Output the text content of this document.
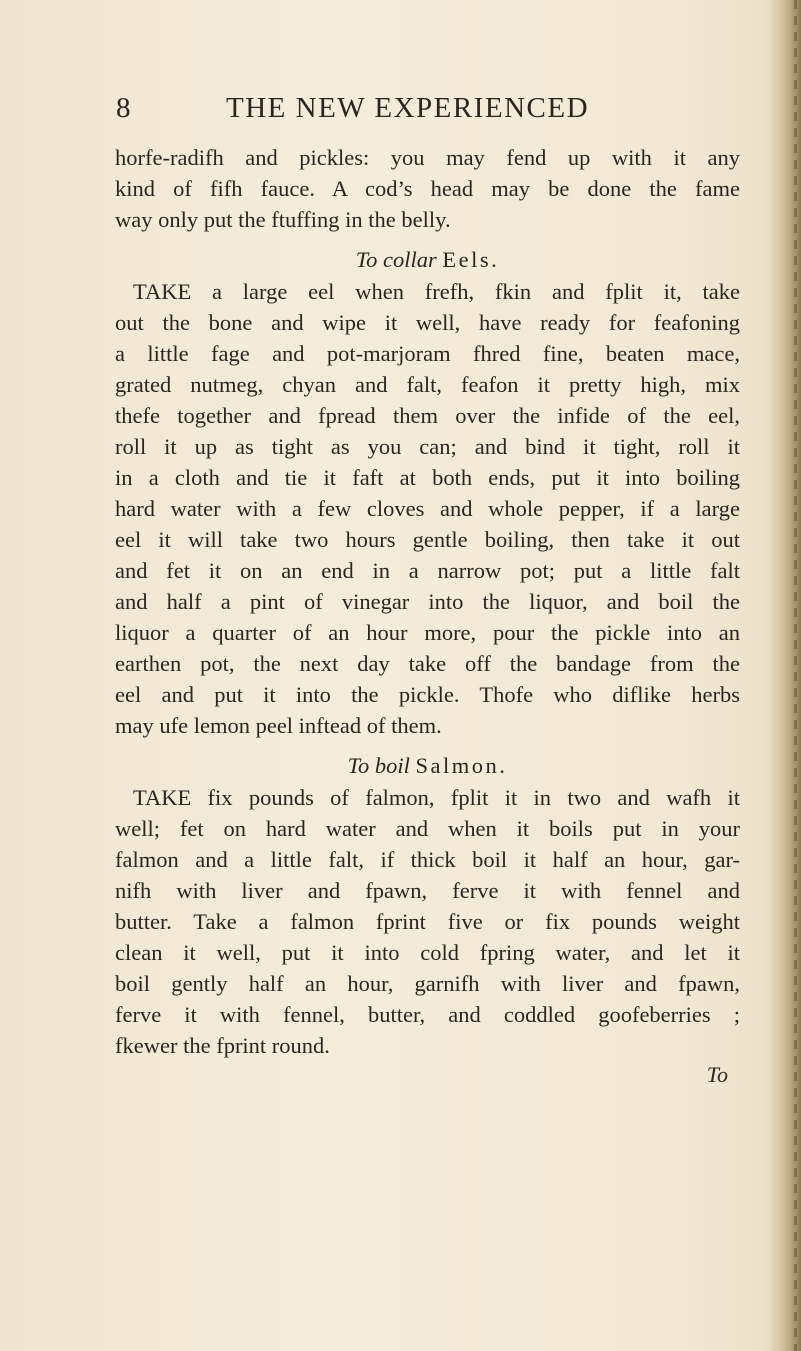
8	THE NEW EXPERIENCED
horfe-radifh and pickles: you may fend up with it any
kind of fifh fauce. A cod’s head may be done the fame
way only put the ftuffing in the belly.
To collar Eels.
TAKE a large eel when frefh, fkin and fplit it, take
out the bone and wipe it well, have ready for feafoning
a little fage and pot-marjoram fhred fine, beaten mace,
grated nutmeg, chyan and falt, feafon it pretty high, mix
thefe together and fpread them over the infide of the eel,
roll it up as tight as you can; and bind it tight, roll it
in a cloth and tie it faft at both ends, put it into boiling
hard water with a few cloves and whole pepper, if a large
eel it will take two hours gentle boiling, then take it out
and fet it on an end in a narrow pot; put a little falt
and half a pint of vinegar into the liquor, and boil the
liquor a quarter of an hour more, pour the pickle into an
earthen pot, the next day take off the bandage from the
eel and put it into the pickle. Thofe who diflike herbs
may ufe lemon peel inftead of them.
To boil Salmon.
TAKE fix pounds of falmon, fplit it in two and wafh it
well; fet on hard water and when it boils put in your
falmon and a little falt, if thick boil it half an hour, gar-
nifh with liver and fpawn, ferve it with fennel and
butter. Take a falmon fprint five or fix pounds weight
clean it well, put it into cold fpring water, and let it
boil gently half an hour, garnifh with liver and fpawn,
ferve it with fennel, butter, and coddled goofeberries ;
fkewer the fprint round.
To
